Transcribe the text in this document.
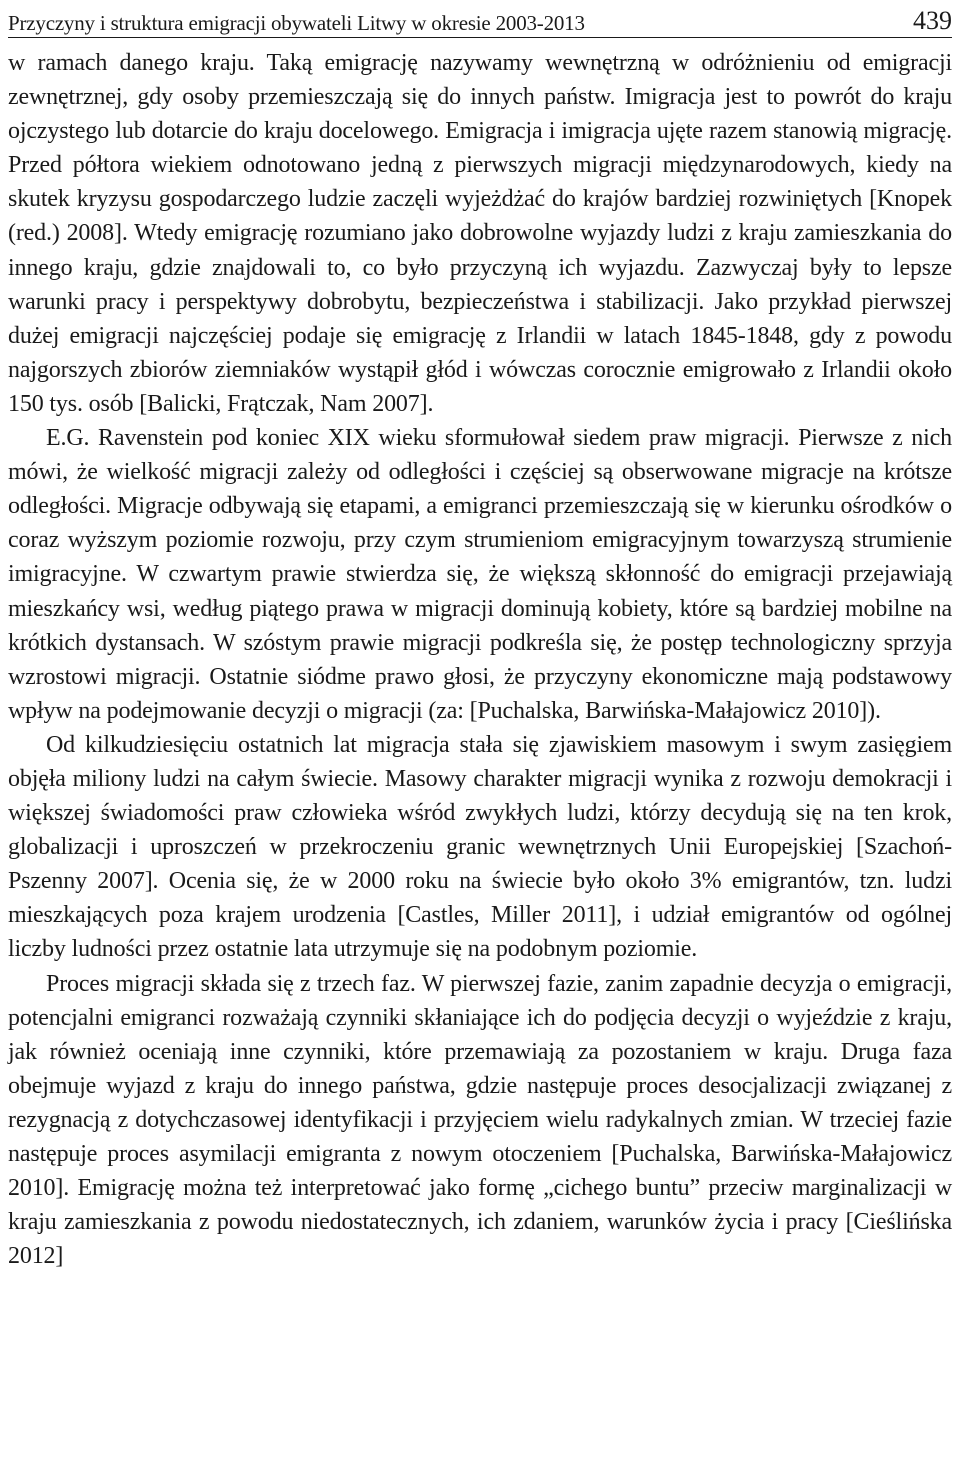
Przyczyny i struktura emigracji obywateli Litwy w okresie 2003-2013	439

w ramach danego kraju. Taką emigrację nazywamy wewnętrzną w odróżnieniu od emigracji zewnętrznej, gdy osoby przemieszczają się do innych państw. Imigracja jest to powrót do kraju ojczystego lub dotarcie do kraju docelowego. Emigracja i imigracja ujęte razem stanowią migrację. Przed półtora wiekiem odnotowano jedną z pierwszych migracji międzynarodowych, kiedy na skutek kryzysu gospodarczego ludzie zaczęli wyjeżdżać do krajów bardziej rozwiniętych [Knopek (red.) 2008]. Wtedy emigrację rozumiano jako dobrowolne wyjazdy ludzi z kraju zamieszkania do innego kraju, gdzie znajdowali to, co było przyczyną ich wyjazdu. Zazwyczaj były to lepsze warunki pracy i perspektywy dobrobytu, bezpieczeństwa i stabilizacji. Jako przykład pierwszej dużej emigracji najczęściej podaje się emigrację z Irlandii w latach 1845-1848, gdy z powodu najgorszych zbiorów ziemniaków wystąpił głód i wówczas corocznie emigrowało z Irlandii około 150 tys. osób [Balicki, Frątczak, Nam 2007].

E.G. Ravenstein pod koniec XIX wieku sformułował siedem praw migracji. Pierwsze z nich mówi, że wielkość migracji zależy od odległości i częściej są obserwowane migracje na krótsze odległości. Migracje odbywają się etapami, a emigranci przemieszczają się w kierunku ośrodków o coraz wyższym poziomie rozwoju, przy czym strumieniom emigracyjnym towarzyszą strumienie imigracyjne. W czwartym prawie stwierdza się, że większą skłonność do emigracji przejawiają mieszkańcy wsi, według piątego prawa w migracji dominują kobiety, które są bardziej mobilne na krótkich dystansach. W szóstym prawie migracji podkreśla się, że postęp technologiczny sprzyja wzrostowi migracji. Ostatnie siódme prawo głosi, że przyczyny ekonomiczne mają podstawowy wpływ na podejmowanie decyzji o migracji (za: [Puchalska, Barwińska-Małajowicz 2010]).

Od kilkudziesięciu ostatnich lat migracja stała się zjawiskiem masowym i swym zasięgiem objęła miliony ludzi na całym świecie. Masowy charakter migracji wynika z rozwoju demokracji i większej świadomości praw człowieka wśród zwykłych ludzi, którzy decydują się na ten krok, globalizacji i uproszczeń w przekroczeniu granic wewnętrznych Unii Europejskiej [Szachoń-Pszenny 2007]. Ocenia się, że w 2000 roku na świecie było około 3% emigrantów, tzn. ludzi mieszkających poza krajem urodzenia [Castles, Miller 2011], i udział emigrantów od ogólnej liczby ludności przez ostatnie lata utrzymuje się na podobnym poziomie.

Proces migracji składa się z trzech faz. W pierwszej fazie, zanim zapadnie decyzja o emigracji, potencjalni emigranci rozważają czynniki skłaniające ich do podjęcia decyzji o wyjeździe z kraju, jak również oceniają inne czynniki, które przemawiają za pozostaniem w kraju. Druga faza obejmuje wyjazd z kraju do innego państwa, gdzie następuje proces desocjalizacji związanej z rezygnacją z dotychczasowej identyfikacji i przyjęciem wielu radykalnych zmian. W trzeciej fazie następuje proces asymilacji emigranta z nowym otoczeniem [Puchalska, Barwińska-Małajowicz 2010]. Emigrację można też interpretować jako formę „cichego buntu” przeciw marginalizacji w kraju zamieszkania z powodu niedostatecznych, ich zdaniem, warunków życia i pracy [Cieślińska 2012]
